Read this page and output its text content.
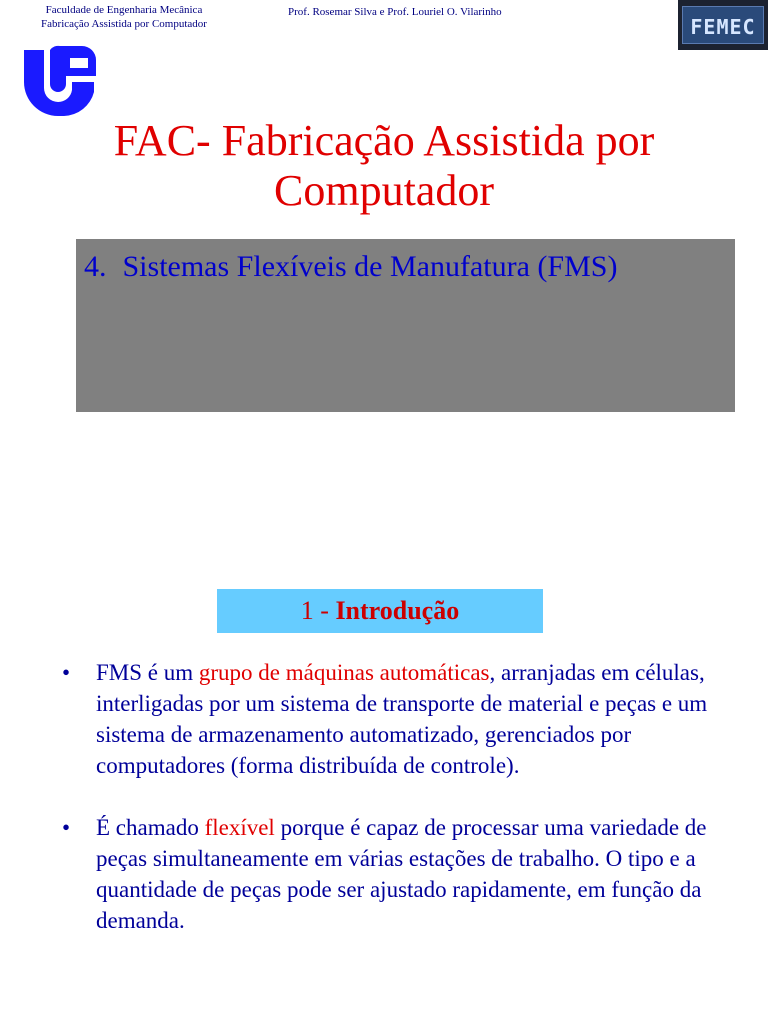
Faculdade de Engenharia Mecânica
Fabricação Assistida por Computador
Prof. Rosemar Silva e Prof. Louriel O. Vilarinho
FEMEC
FAC- Fabricação Assistida por
Computador
4. Sistemas Flexíveis de Manufatura (FMS)
1 - Introdução
• FMS é um grupo de máquinas automáticas, arranjadas em células, interligadas por um sistema de transporte de material e peças e um sistema de armazenamento automatizado, gerenciados por computadores (forma distribuída de controle).
• É chamado flexível porque é capaz de processar uma variedade de peças simultaneamente em várias estações de trabalho. O tipo e a quantidade de peças pode ser ajustado rapidamente, em função da demanda.
